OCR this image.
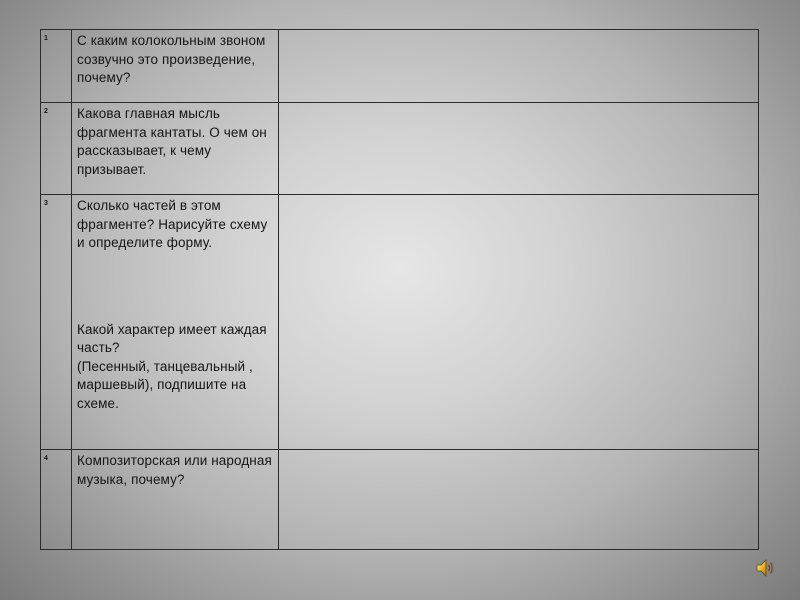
1	С каким колокольным звоном созвучно это произведение, почему?	

2	Какова главная мысль фрагмента кантаты. О чем он рассказывает, к чему призывает.	

3	Сколько частей в этом фрагменте? Нарисуйте схему и определите форму.
Какой характер имеет каждая часть?
(Песенный, танцевальный , маршевый), подпишите на схеме.	

4	Композиторская или народная музыка, почему?	
